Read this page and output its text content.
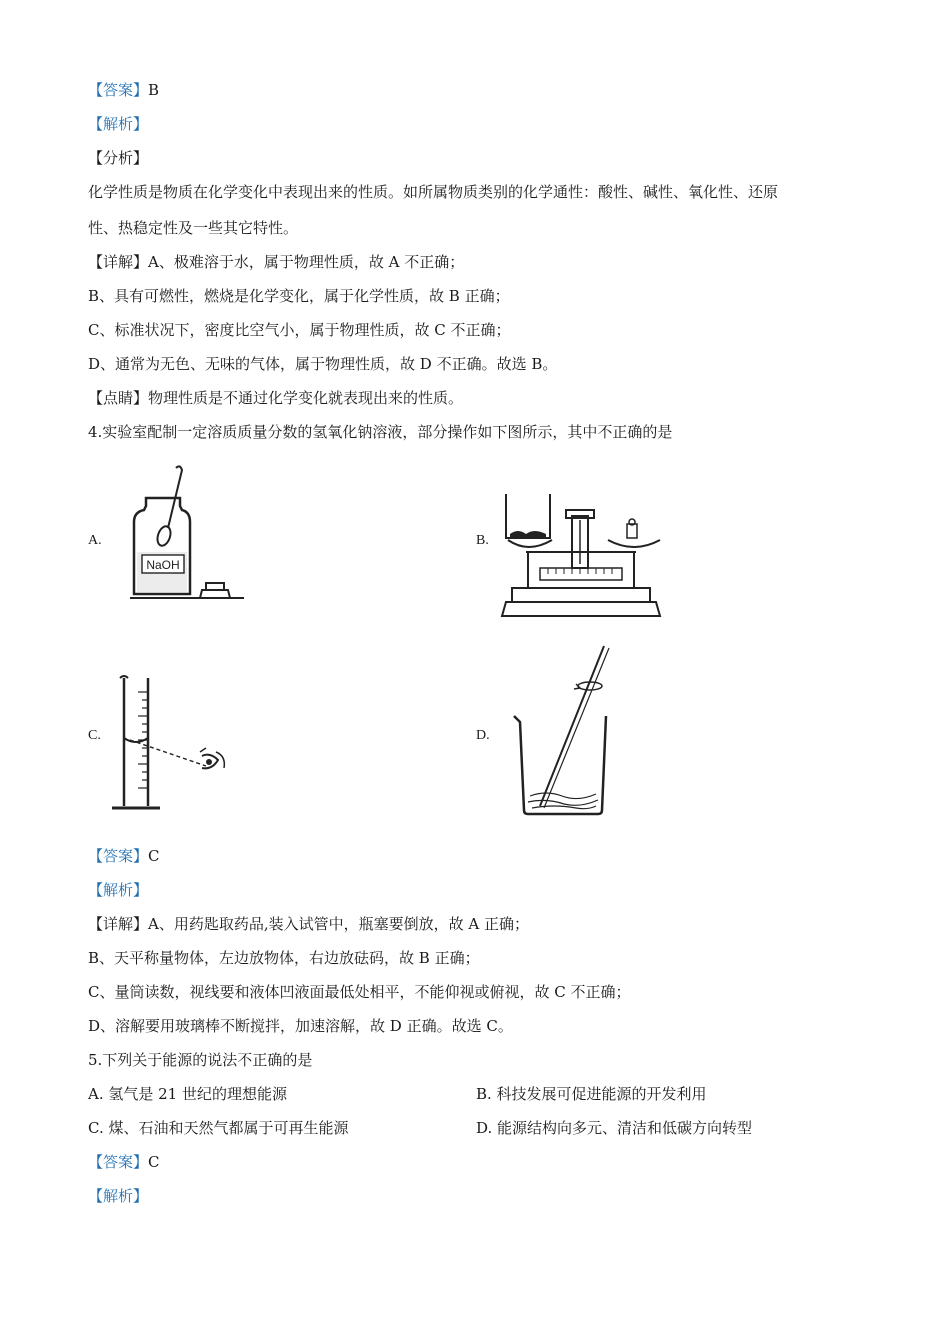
【答案】B
【解析】
【分析】
化学性质是物质在化学变化中表现出来的性质。如所属物质类别的化学通性：酸性、碱性、氧化性、还原
性、热稳定性及一些其它特性。
【详解】A、极难溶于水，属于物理性质，故 A 不正确；
B、具有可燃性，燃烧是化学变化，属于化学性质，故 B 正确；
C、标准状况下，密度比空气小，属于物理性质，故 C 不正确；
D、通常为无色、无味的气体，属于物理性质，故 D 不正确。故选 B。
【点睛】物理性质是不通过化学变化就表现出来的性质。
4.实验室配制一定溶质质量分数的氢氧化钠溶液，部分操作如下图所示，其中不正确的是
A.
NaOH
B.
C.	D.
【答案】C
【解析】
【详解】A、用药匙取药品,装入试管中，瓶塞要倒放，故 A 正确；
B、天平称量物体，左边放物体，右边放砝码，故 B 正确；
C、量筒读数，视线要和液体凹液面最低处相平，不能仰视或俯视，故 C 不正确；
D、溶解要用玻璃棒不断搅拌，加速溶解，故 D 正确。故选 C。
5.下列关于能源的说法不正确的是
A. 氢气是 21 世纪的理想能源	B. 科技发展可促进能源的开发利用
C. 煤、石油和天然气都属于可再生能源	D. 能源结构向多元、清洁和低碳方向转型
【答案】C
【解析】
